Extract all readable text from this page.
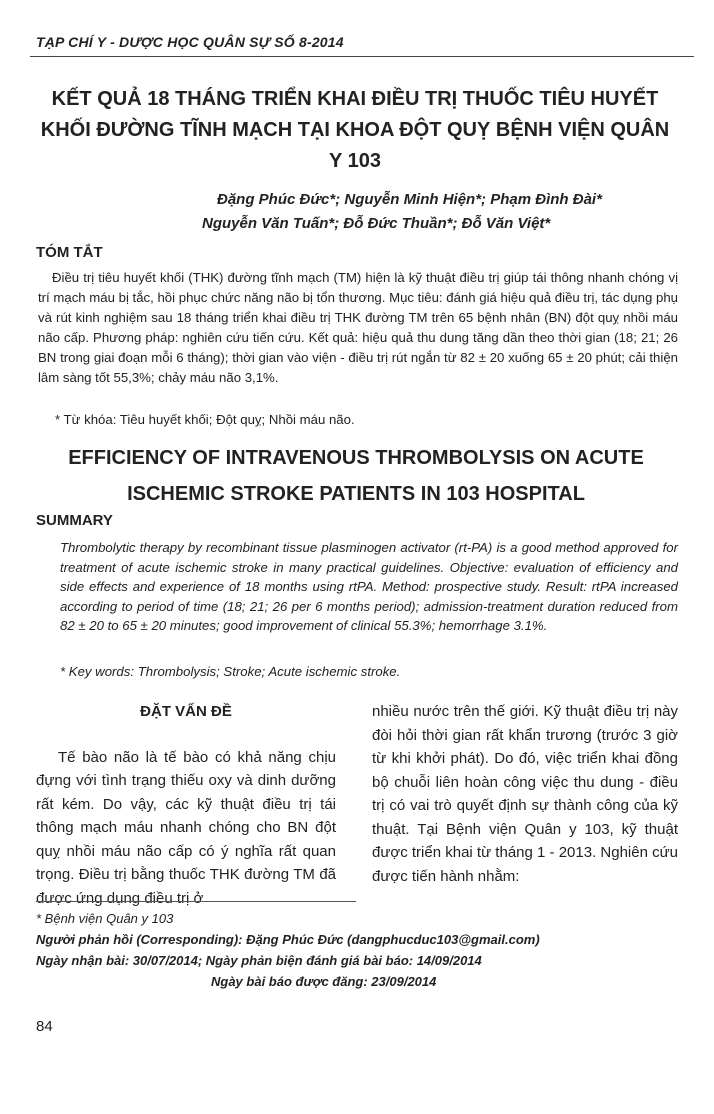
TẠP CHÍ Y - DƯỢC HỌC QUÂN SỰ SỐ 8-2014
KẾT QUẢ 18 THÁNG TRIỂN KHAI ĐIỀU TRỊ THUỐC TIÊU HUYẾT KHỐI ĐƯỜNG TĨNH MẠCH TẠI KHOA ĐỘT QUỴ BỆNH VIỆN QUÂN Y 103
Đặng Phúc Đức*; Nguyễn Minh Hiện*; Phạm Đình Đài*
Nguyễn Văn Tuấn*; Đỗ Đức Thuần*; Đỗ Văn Việt*
TÓM TẮT

Điều trị tiêu huyết khối (THK) đường tĩnh mạch (TM) hiện là kỹ thuật điều trị giúp tái thông nhanh chóng vị trí mạch máu bị tắc, hồi phục chức năng não bị tổn thương. Mục tiêu: đánh giá hiệu quả điều trị, tác dụng phụ và rút kinh nghiệm sau 18 tháng triển khai điều trị THK đường TM trên 65 bệnh nhân (BN) đột quỵ nhồi máu não cấp. Phương pháp: nghiên cứu tiến cứu. Kết quả: hiệu quả thu dung tăng dần theo thời gian (18; 21; 26 BN trong giai đoạn mỗi 6 tháng); thời gian vào viện - điều trị rút ngắn từ 82 ± 20 xuống 65 ± 20 phút; cải thiện lâm sàng tốt 55,3%; chảy máu não 3,1%.

* Từ khóa: Tiêu huyết khối; Đột quỵ; Nhồi máu não.
EFFICIENCY OF INTRAVENOUS THROMBOLYSIS ON ACUTE ISCHEMIC STROKE PATIENTS IN 103 HOSPITAL
SUMMARY

Thrombolytic therapy by recombinant tissue plasminogen activator (rt-PA) is a good method approved for treatment of acute ischemic stroke in many practical guidelines. Objective: evaluation of efficiency and side effects and experience of 18 months using rtPA. Method: prospective study. Result: rtPA increased according to period of time (18; 21; 26 per 6 months period); admission-treatment duration reduced from 82 ± 20 to 65 ± 20 minutes; good improvement of clinical 55.3%; hemorrhage 3.1%.

* Key words: Thrombolysis; Stroke; Acute ischemic stroke.
ĐẶT VẤN ĐỀ

Tế bào não là tế bào có khả năng chịu đựng với tình trạng thiếu oxy và dinh dưỡng rất kém. Do vậy, các kỹ thuật điều trị tái thông mạch máu nhanh chóng cho BN đột quỵ nhồi máu não cấp có ý nghĩa rất quan trọng. Điều trị bằng thuốc THK đường TM đã được ứng dụng điều trị ở

nhiều nước trên thế giới. Kỹ thuật điều trị này đòi hỏi thời gian rất khẩn trương (trước 3 giờ từ khi khởi phát). Do đó, việc triển khai đồng bộ chuỗi liên hoàn công việc thu dung - điều trị có vai trò quyết định sự thành công của kỹ thuật. Tại Bệnh viện Quân y 103, kỹ thuật được triển khai từ tháng 1 - 2013. Nghiên cứu được tiến hành nhằm:

* Bệnh viện Quân y 103
Người phản hồi (Corresponding): Đặng Phúc Đức (dangphucduc103@gmail.com)
Ngày nhận bài: 30/07/2014; Ngày phản biện đánh giá bài báo: 14/09/2014
Ngày bài báo được đăng: 23/09/2014
84
